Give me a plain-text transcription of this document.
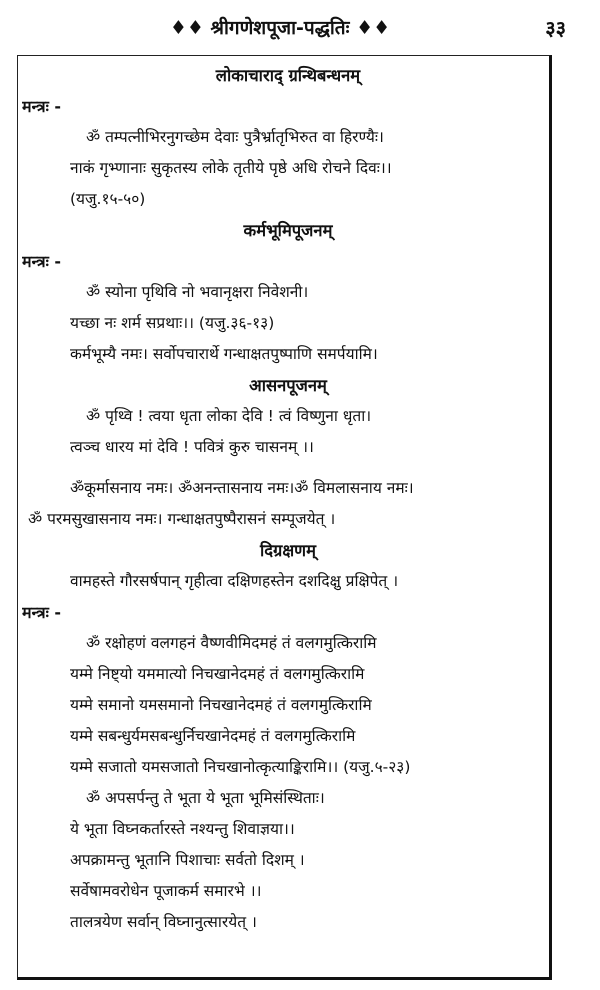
♦♦ श्रीगणेशपूजा-पद्धतिः ♦♦	३३
लोकाचाराद् ग्रन्थिबन्धनम्
मन्त्रः -
ॐ तम्पत्नीभिरनुगच्छेम देवाः पुत्रैर्भ्रातृभिरुत वा हिरण्यैः।
नाकं गृभ्णानाः सुकृतस्य लोके तृतीये पृष्ठे अधि रोचने दिवः।।
(यजु.१५-५०)
कर्मभूमिपूजनम्
मन्त्रः -
ॐ स्योना पृथिवि नो भवानृक्षरा निवेशनी।
यच्छा नः शर्म सप्रथाः।। (यजु.३६-१३)
कर्मभूम्यै नमः। सर्वोपचारार्थे गन्धाक्षतपुष्पाणि समर्पयामि।
आसनपूजनम्
ॐ पृथ्वि ! त्वया धृता लोका देवि ! त्वं विष्णुना धृता।
त्वञ्च धारय मां देवि ! पवित्रं कुरु चासनम् ।।
ॐकूर्मासनाय नमः। ॐअनन्तासनाय नमः।ॐ विमलासनाय नमः।
ॐ परमसुखासनाय नमः। गन्धाक्षतपुष्पैरासनं सम्पूजयेत् ।
दिग्रक्षणम्
वामहस्ते गौरसर्षपान् गृहीत्वा दक्षिणहस्तेन दशदिक्षु प्रक्षिपेत् ।
मन्त्रः -
ॐ रक्षोहणं वलगहनं वैष्णवीमिदमहं तं वलगमुत्किरामि
यम्मे निष्ट्यो यममात्यो निचखानेदमहं तं वलगमुत्किरामि
यम्मे समानो यमसमानो निचखानेदमहं तं वलगमुत्किरामि
यम्मे सबन्धुर्यमसबन्धुर्निचखानेदमहं तं वलगमुत्किरामि
यम्मे सजातो यमसजातो निचखानोत्कृत्याङ्किरामि।। (यजु.५-२३)
ॐ अपसर्पन्तु ते भूता ये भूता भूमिसंस्थिताः।
ये भूता विघ्नकर्तारस्ते नश्यन्तु शिवाज्ञया।।
अपक्रामन्तु भूतानि पिशाचाः सर्वतो दिशम् ।
सर्वेषामवरोधेन पूजाकर्म समारभे ।।
तालत्रयेण सर्वान् विघ्नानुत्सारयेत् ।
